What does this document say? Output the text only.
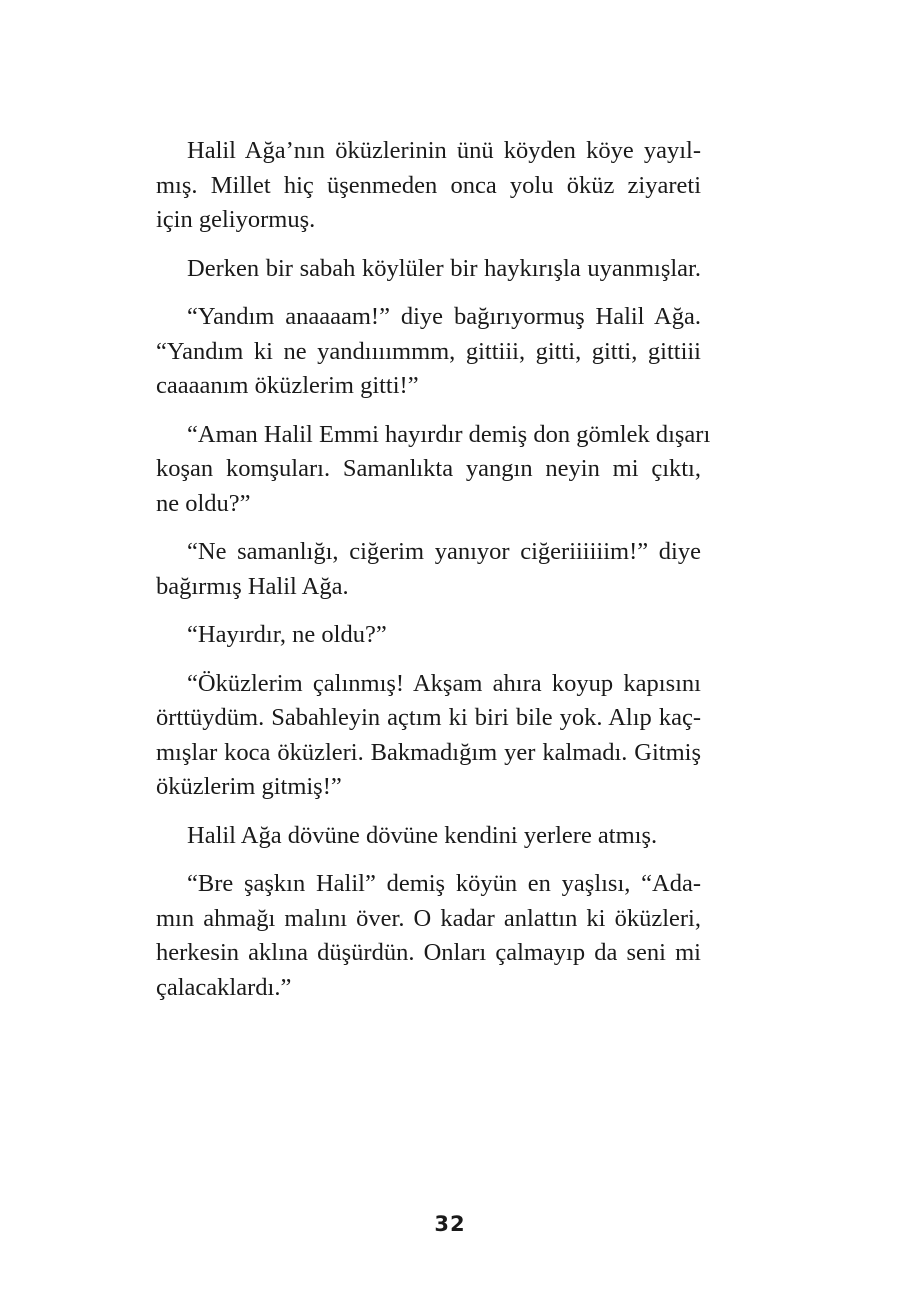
Halil Ağa’nın öküzlerinin ünü köyden köye yayıl-
mış. Millet hiç üşenmeden onca yolu öküz ziyareti
için geliyormuş.

Derken bir sabah köylüler bir haykırışla uyanmışlar.

“Yandım anaaaam!” diye bağırıyormuş Halil Ağa.
“Yandım ki ne yandıııımmm, gittiii, gitti, gitti, gittiii
caaaanım öküzlerim gitti!”

“Aman Halil Emmi hayırdır demiş don gömlek dışarı
koşan komşuları. Samanlıkta yangın neyin mi çıktı,
ne oldu?”

“Ne samanlığı, ciğerim yanıyor ciğeriiiiiim!” diye
bağırmış Halil Ağa.

“Hayırdır, ne oldu?”

“Öküzlerim çalınmış! Akşam ahıra koyup kapısını
örttüydüm. Sabahleyin açtım ki biri bile yok. Alıp kaç-
mışlar koca öküzleri. Bakmadığım yer kalmadı. Gitmiş
öküzlerim gitmiş!”

Halil Ağa dövüne dövüne kendini yerlere atmış.

“Bre şaşkın Halil” demiş köyün en yaşlısı, “Ada-
mın ahmağı malını över. O kadar anlattın ki öküzleri,
herkesin aklına düşürdün. Onları çalmayıp da seni mi
çalacaklardı.”

32
